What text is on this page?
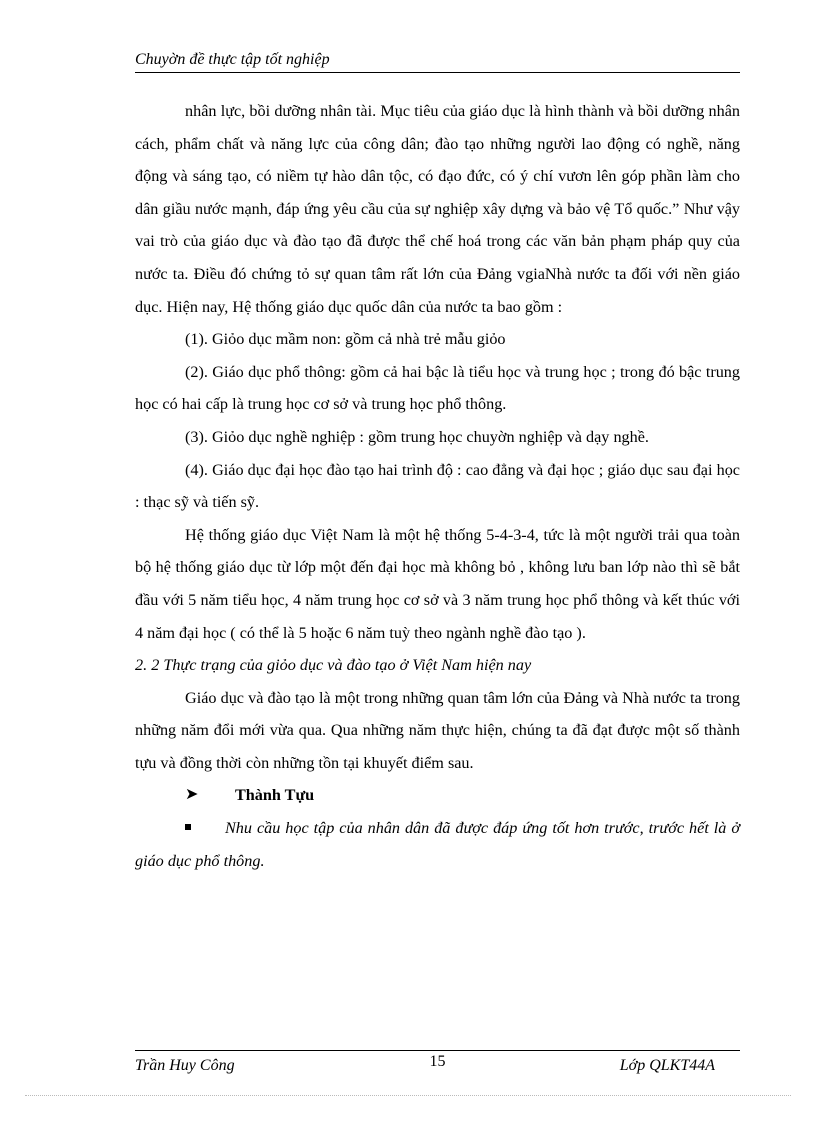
Chuyờn đề thực tập tốt nghiệp

nhân lực, bồi dưỡng nhân tài. Mục tiêu của giáo dục là hình thành và bồi dưỡng nhân cách, phẩm chất và năng lực của công dân; đào tạo những người lao động có nghề, năng động và sáng tạo, có niềm tự hào dân tộc, có đạo đức, có ý chí vươn lên góp phần làm cho dân giầu nước mạnh, đáp ứng yêu cầu của sự nghiệp xây dựng và bảo vệ Tổ quốc.” Như vậy vai trò của giáo dục và đào tạo đã được thể chế hoá trong các văn bản phạm pháp quy của nước ta. Điều đó chứng tỏ sự quan tâm rất lớn của Đảng vgiaNhà nước ta đối với nền giáo dục. Hiện nay, Hệ thống giáo dục quốc dân của nước ta bao gồm :

(1). Giỏo dục mầm non: gồm cả nhà trẻ mẫu giỏo

(2). Giáo dục phổ thông: gồm cả hai bậc là tiểu học và trung học ; trong đó bậc trung học có hai cấp là trung học cơ sở và trung học phổ thông.

(3). Giỏo dục nghề nghiệp : gồm trung học chuyờn nghiệp và dạy nghề.

(4). Giáo dục đại học đào tạo hai trình độ : cao đẳng và đại học ; giáo dục sau đại học : thạc sỹ và tiến sỹ.

Hệ thống giáo dục Việt Nam là một hệ thống 5-4-3-4, tức là một người trải qua toàn bộ hệ thống giáo dục từ lớp một đến đại học mà không bỏ , không lưu ban lớp nào thì sẽ bắt đầu với 5 năm tiểu học, 4 năm trung học cơ sở và 3 năm trung học phổ thông và kết thúc với 4 năm đại học ( có thể là 5 hoặc 6 năm tuỳ theo ngành nghề đào tạo ).

2. 2 Thực trạng của giỏo dục và đào tạo ở Việt Nam hiện nay

Giáo dục và đào tạo là một trong những quan tâm lớn của Đảng và Nhà nước ta trong những năm đổi mới vừa qua. Qua những năm thực hiện, chúng ta đã đạt được một số thành tựu và đồng thời còn những tồn tại khuyết điểm sau.

➤ Thành Tựu

Nhu cầu học tập của nhân dân đã được đáp ứng tốt hơn trước, trước hết là ở giáo dục phổ thông.

Trần Huy Công	15	Lớp QLKT44A
